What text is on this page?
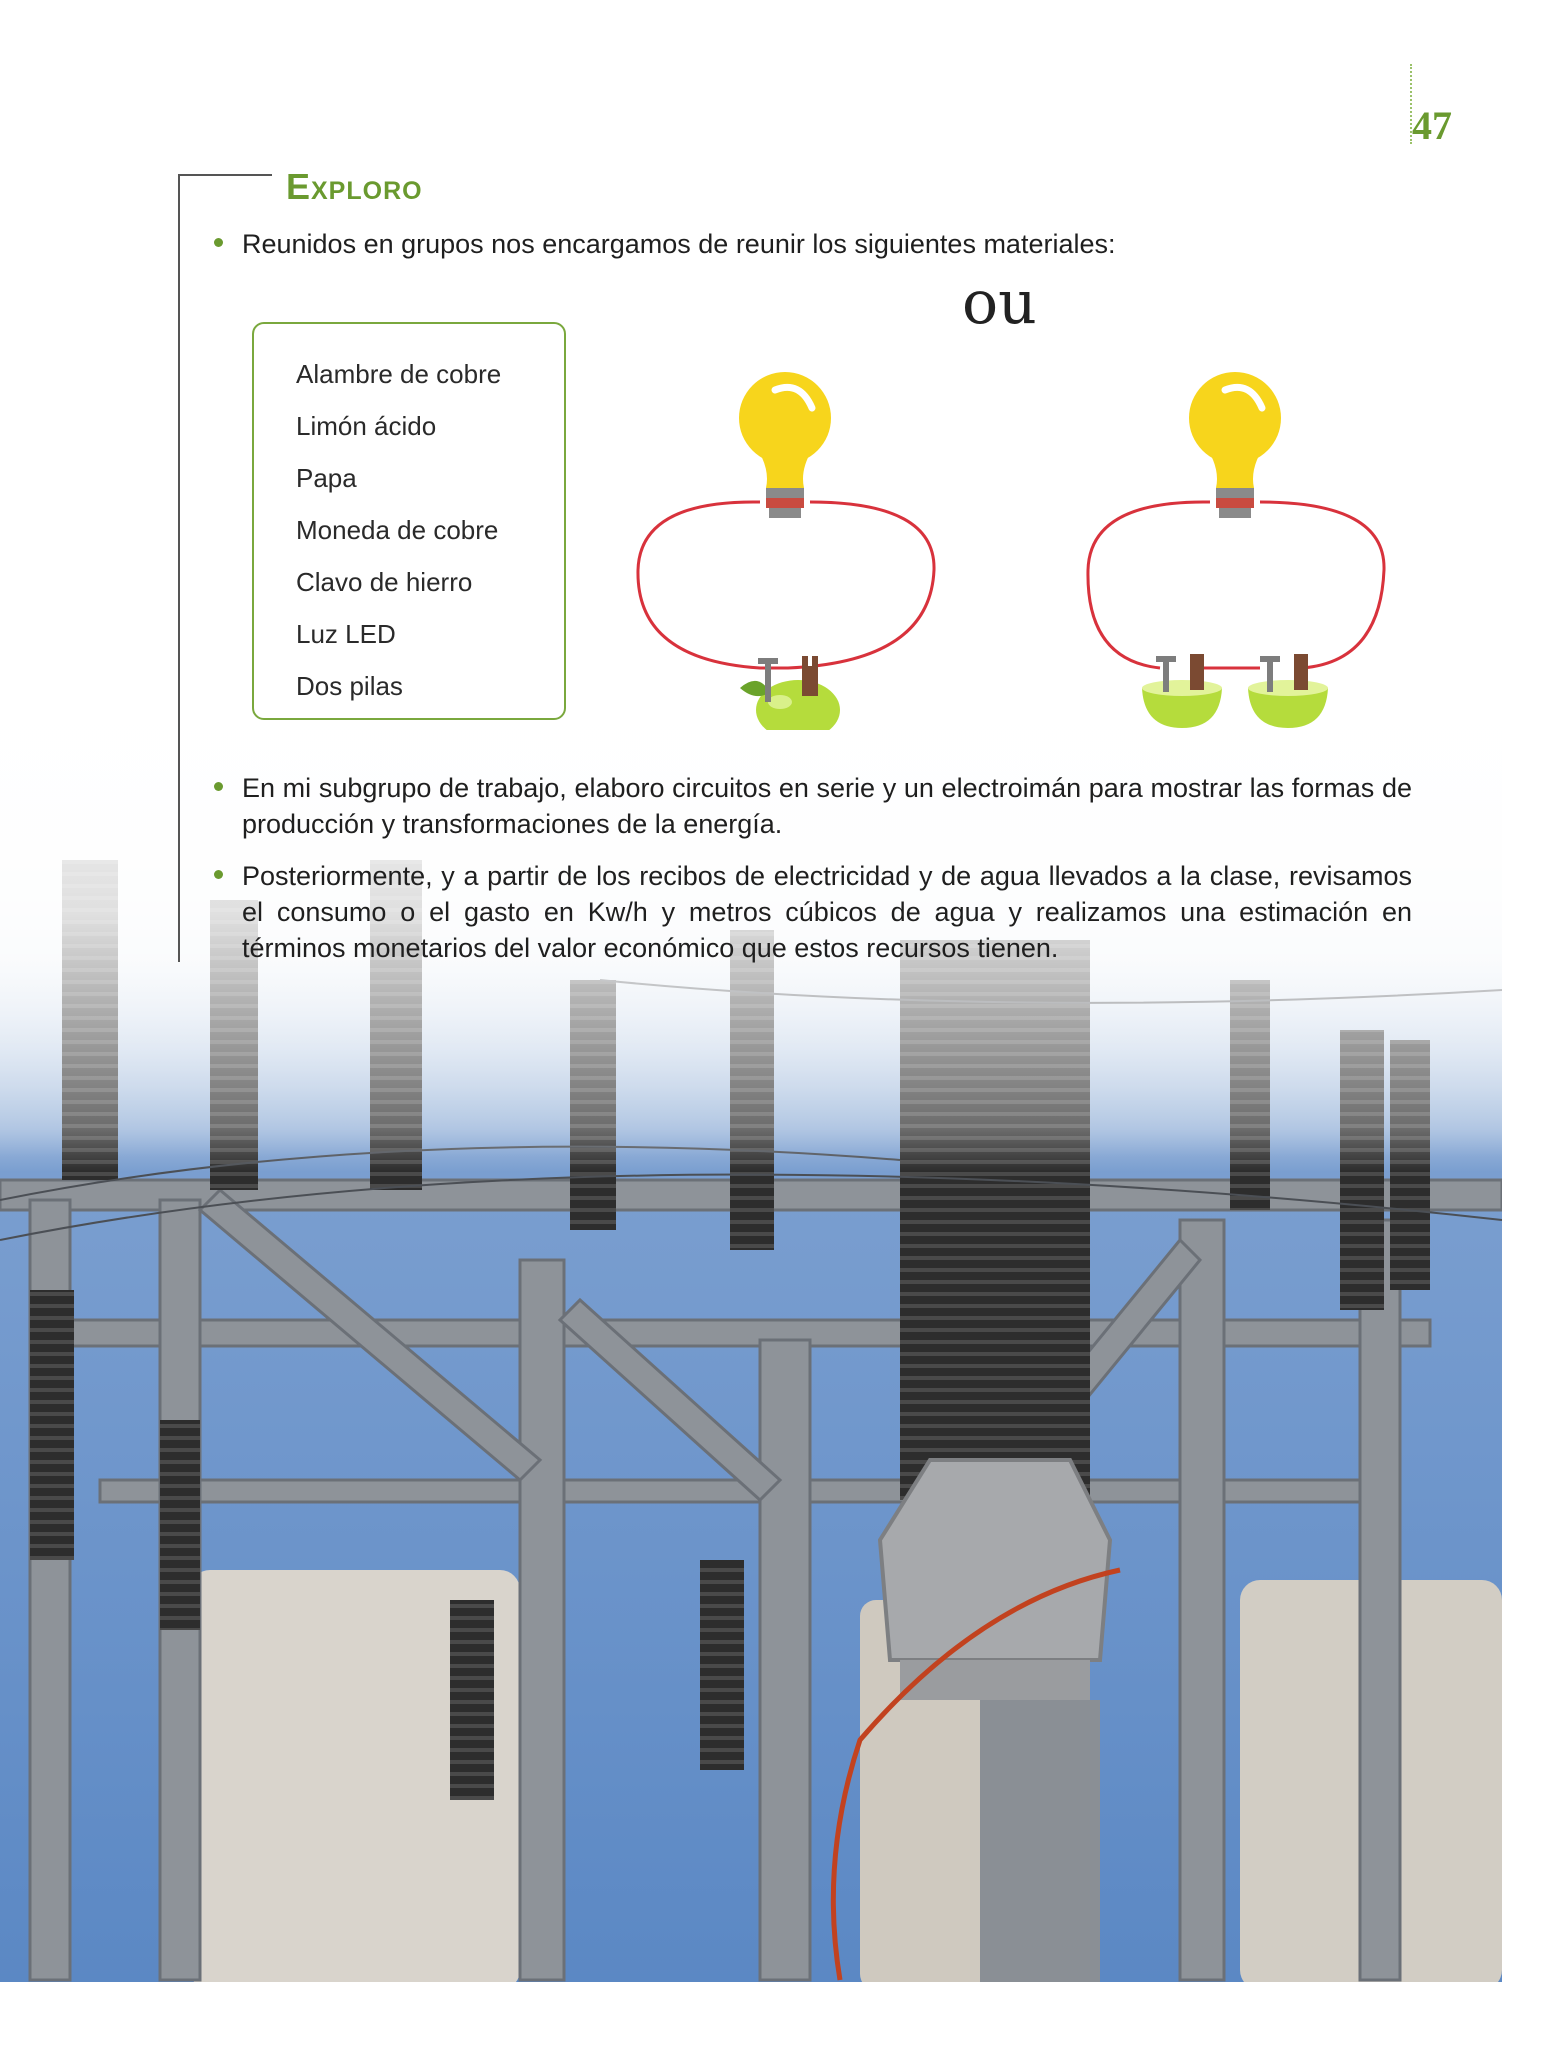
47
Exploro
Reunidos en grupos nos encargamos de reunir los siguientes materiales:
Alambre de cobre
Limón ácido
Papa
Moneda de cobre
Clavo de hierro
Luz LED
Dos pilas
ou
En mi subgrupo de trabajo, elaboro circuitos en serie y un electroimán para mostrar las formas de producción y transformaciones de la energía.
Posteriormente, y a partir de los recibos de electricidad y de agua llevados a la clase, revisamos el consumo o el gasto en Kw/h y metros cúbicos de agua y realizamos una estimación en términos monetarios del valor económico que estos recursos tienen.
